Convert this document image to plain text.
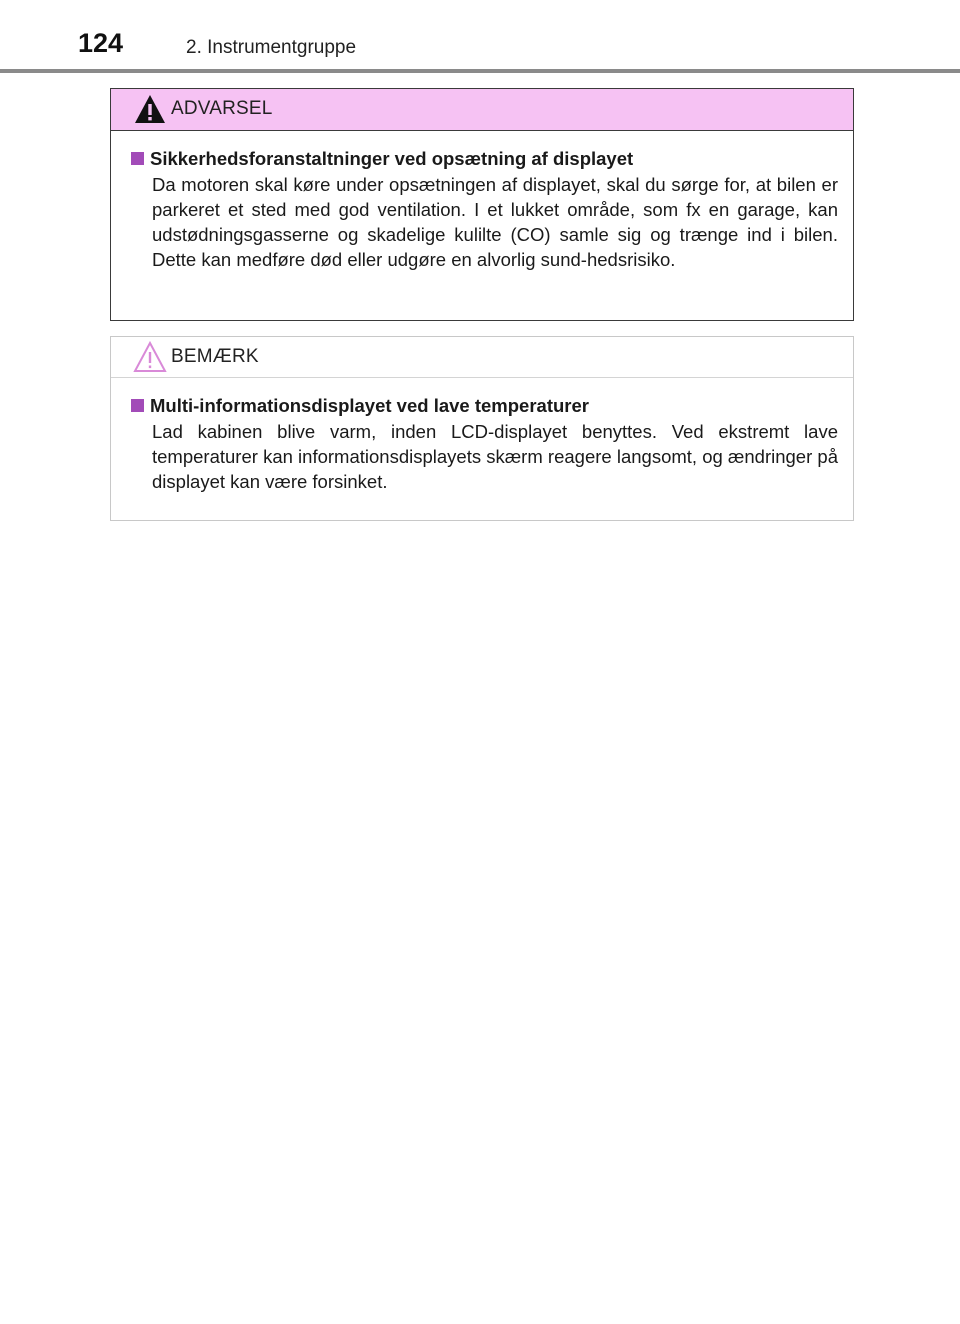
124	2. Instrumentgruppe
ADVARSEL
Sikkerhedsforanstaltninger ved opsætning af displayet
Da motoren skal køre under opsætningen af displayet, skal du sørge for, at bilen er parkeret et sted med god ventilation. I et lukket område, som fx en garage, kan udstødningsgasserne og skadelige kulilte (CO) samle sig og trænge ind i bilen. Dette kan medføre død eller udgøre en alvorlig sund-hedsrisiko.
BEMÆRK
Multi-informationsdisplayet ved lave temperaturer
Lad kabinen blive varm, inden LCD-displayet benyttes. Ved ekstremt lave temperaturer kan informationsdisplayets skærm reagere langsomt, og ændringer på displayet kan være forsinket.
